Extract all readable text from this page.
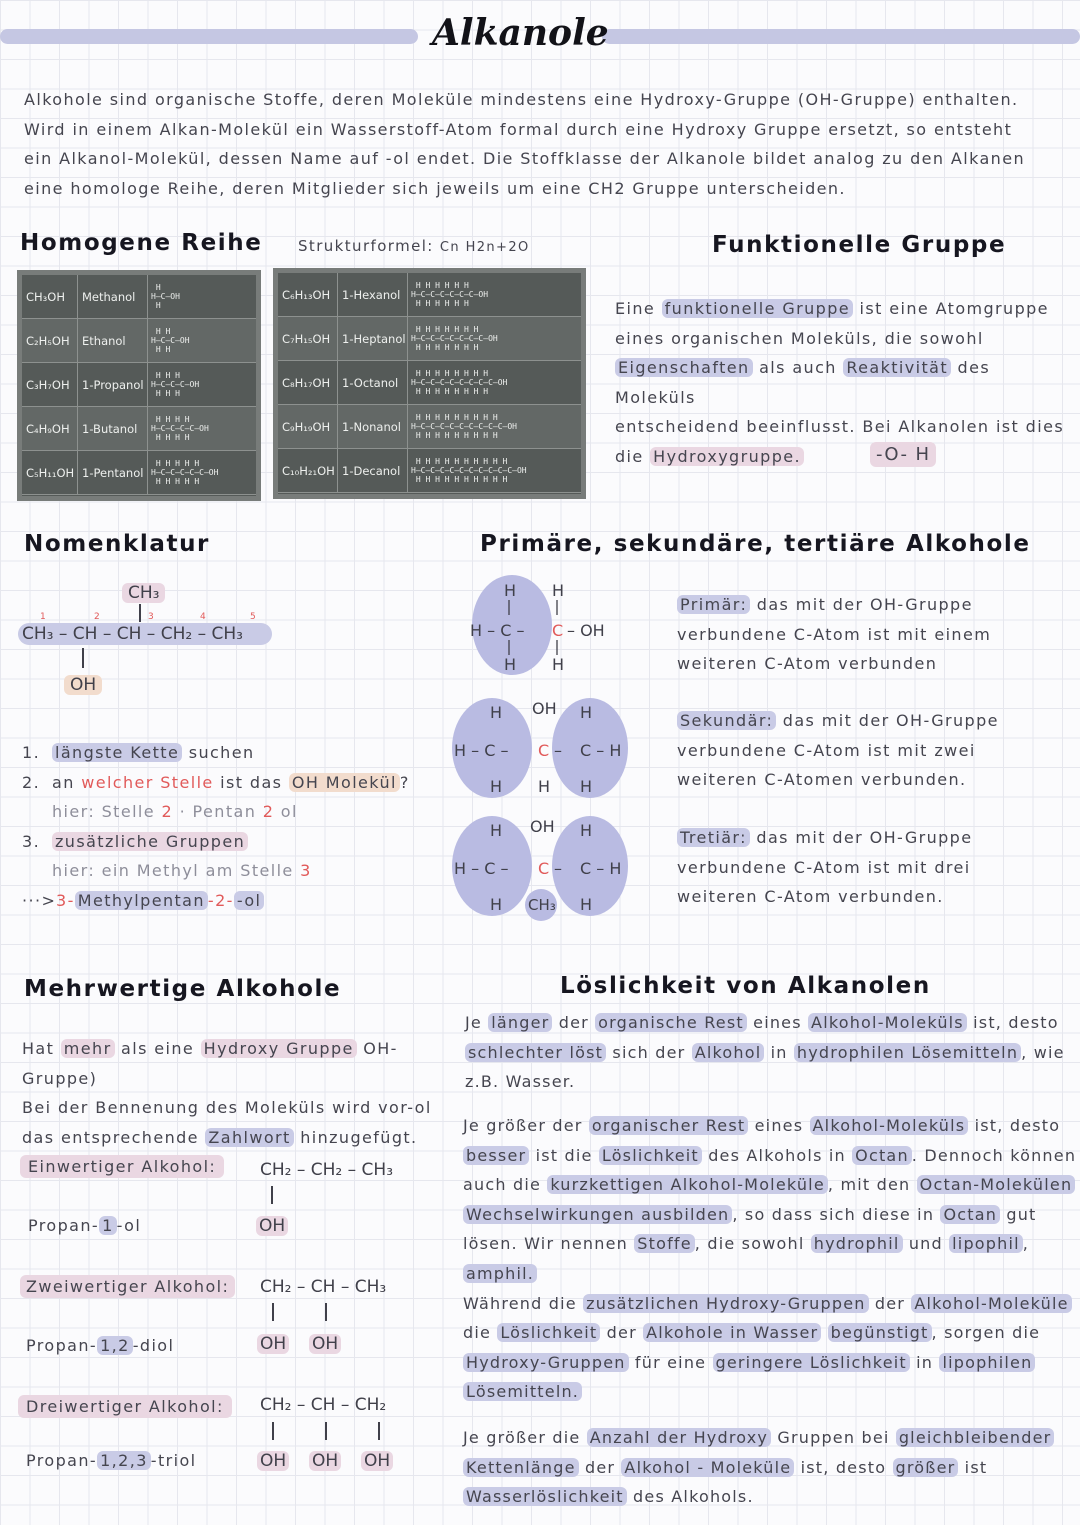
Alkanole
Alkohole sind organische Stoffe, deren Moleküle mindestens eine Hydroxy-Gruppe (OH-Gruppe) enthalten.
Wird in einem Alkan-Molekül ein Wasserstoff-Atom formal durch eine Hydroxy Gruppe ersetzt, so entsteht
ein Alkanol-Molekül, dessen Name auf -ol endet. Die Stoffklasse der Alkanole bildet analog zu den Alkanen
eine homologe Reihe, deren Mitglieder sich jeweils um eine CH2 Gruppe unterscheiden.
Homogene Reihe Strukturformel: Cn H2n+2O
CH₃OH	Methanol
H
H–C–OH
H
C₂H₅OH	Ethanol
H H
H–C–C–OH
H H
C₃H₇OH	1-Propanol
H H H
H–C–C–C–OH
H H H
C₄H₉OH	1-Butanol
H H H H
H–C–C–C–C–OH
H H H H
C₅H₁₁OH 1-Pentanol
H H H H H
H–C–C–C–C–C–OH
H H H H H
C₆H₁₃OH	1-Hexanol
H H H H H H
H–C–C–C–C–C–C–OH
H H H H H H
C₇H₁₅OH	1-Heptanol
H H H H H H H
H–C–C–C–C–C–C–C–OH
H H H H H H H
C₈H₁₇OH	1-Octanol
H H H H H H H H
H–C–C–C–C–C–C–C–C–OH
H H H H H H H H
C₉H₁₉OH	1-Nonanol
H H H H H H H H H
H–C–C–C–C–C–C–C–C–C–OH
H H H H H H H H H
C₁₀H₂₁OH 1-Decanol
H H H H H H H H H H
H–C–C–C–C–C–C–C–C–C–C–OH
H H H H H H H H H H
Funktionelle Gruppe
Eine funktionelle Gruppe ist eine Atomgruppe
eines organischen Moleküls, die sowohl
Eigenschaften als auch Reaktivität des Moleküls
entscheidend beeinflusst. Bei Alkanolen ist dies
die Hydroxygruppe.	-O- H
Nomenklatur
CH₃
CH₃ – CH – CH – CH₂ – CH₃
1	2	3	4	5
OH
1. längste Kette suchen
2. an welcher Stelle ist das OH Molekül ?
hier: Stelle 2 · Pentan 2 ol
3. zusätzliche Gruppen
hier: ein Methyl am Stelle 3
···>3- Methylpentan -2- -ol
Primäre, sekundäre, tertiäre Alkohole
H
H
H – C –
H
C – OH
H
H
H – C –
H
OH
C
H
–
H
C – H
H
H
H – C –
H
OH
C –
CH₃
H
C – H
H
Primär: das mit der OH-Gruppe
verbundene C-Atom ist mit einem
weiteren C-Atom verbunden
Sekundär: das mit der OH-Gruppe
verbundene C-Atom ist mit zwei
weiteren C-Atomen verbunden.
Tretiär: das mit der OH-Gruppe
verbundene C-Atom ist mit drei
weiteren C-Atom verbunden.
Mehrwertige Alkohole
Hat mehr als eine Hydroxy Gruppe OH-Gruppe)
Bei der Bennenung des Moleküls wird vor-ol
das entsprechende Zahlwort hinzugefügt.
Einwertiger Alkohol:	CH₂ – CH₂ – CH₃
OH
Propan- 1 -ol
Zweiwertiger Alkohol:	CH₂ – CH – CH₃
OH OH
Propan- 1,2 -diol
Dreiwertiger Alkohol:	CH₂ – CH – CH₂
OH OH OH
Propan- 1,2,3 -triol
Löslichkeit von Alkanolen
Je länger der organische Rest eines Alkohol-Moleküls ist, desto
schlechter löst sich der Alkohol in hydrophilen Lösemitteln , wie
z.B. Wasser.
Je größer der organischer Rest eines Alkohol-Moleküls ist, desto
besser ist die Löslichkeit des Alkohols in Octan . Dennoch können
auch die kurzkettigen Alkohol-Moleküle , mit den Octan-Molekülen
Wechselwirkungen ausbilden , so dass sich diese in Octan gut
lösen. Wir nennen Stoffe , die sowohl hydrophil und lipophil ,
amphil.
Während die zusätzlichen Hydroxy-Gruppen der Alkohol-Moleküle
die Löslichkeit der Alkohole in Wasser begünstigt , sorgen die
Hydroxy-Gruppen für eine geringere Löslichkeit in lipophilen
Lösemitteln.
Je größer die Anzahl der Hydroxy Gruppen bei gleichbleibender
Kettenlänge der Alkohol - Moleküle ist, desto größer ist
Wasserlöslichkeit des Alkohols.
